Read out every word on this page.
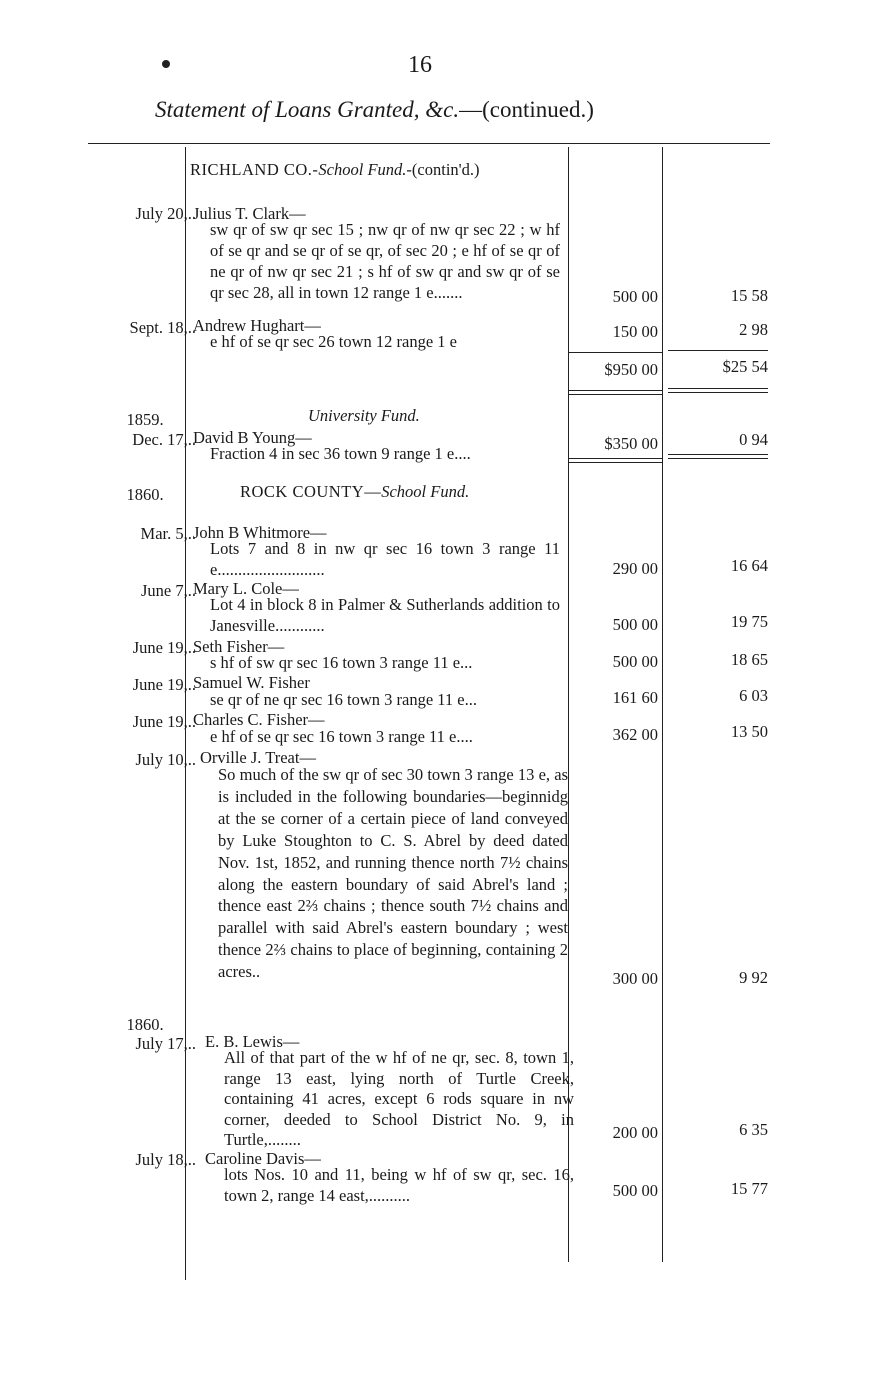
16
Statement of Loans Granted, &c.—(continued.)
RICHLAND CO.-School Fund.-(contin'd.)
July 20,..
Julius T. Clark—
sw qr of sw qr sec 15 ; nw qr of nw qr sec 22 ; w hf of se qr and se qr of se qr, of sec 20 ; e hf of se qr of ne qr of nw qr sec 21 ; s hf of sw qr and sw qr of se qr sec 28, all in town 12 range 1 e.......	500 00	15 58
Sept. 18,..
Andrew Hughart—
e hf of se qr sec 26 town 12 range 1 e
150 00	2 98
$950 00	$25 54
1859.	University Fund.
Dec. 17,..
David B Young—
Fraction 4 in sec 36 town 9 range 1 e....
$350 00	0 94
1860.	ROCK COUNTY—School Fund.
Mar. 5,..
John B Whitmore—
Lots 7 and 8 in nw qr sec 16 town 3 range 11 e..........................	290 00	16 64
June 7,..
Mary L. Cole—
Lot 4 in block 8 in Palmer & Sutherlands addition to Janesville............	500 00	19 75
June 19,..
Seth Fisher—
s hf of sw qr sec 16 town 3 range 11 e...	500 00	18 65
June 19,..
Samuel W. Fisher
se qr of ne qr sec 16 town 3 range 11 e...	161 60	6 03
June 19,..
Charles C. Fisher—
e hf of se qr sec 16 town 3 range 11 e....	362 00	13 50
July 10,.. Orville J. Treat—
So much of the sw qr of sec 30 town 3 range 13 e, as is included in the following boundaries—beginnidg at the se corner of a certain piece of land conveyed by Luke Stoughton to C. S. Abrel by deed dated Nov. 1st, 1852, and running thence north 7½ chains along the eastern boundary of said Abrel's land ; thence east 2⅔ chains ; thence south 7½ chains and parallel with said Abrel's eastern boundary ; west thence 2⅔ chains to place of beginning, containing 2 acres..	300 00	9 92
1860.
July 17,.. E. B. Lewis—
All of that part of the w hf of ne qr, sec. 8, town 1, range 13 east, lying north of Turtle Creek, containing 41 acres, except 6 rods square in nw corner, deeded to School District No. 9, in Turtle,........	200 00	6 35
July 18,.. Caroline Davis—
lots Nos. 10 and 11, being w hf of sw qr, sec. 16, town 2, range 14 east,..........	500 00	15 77
